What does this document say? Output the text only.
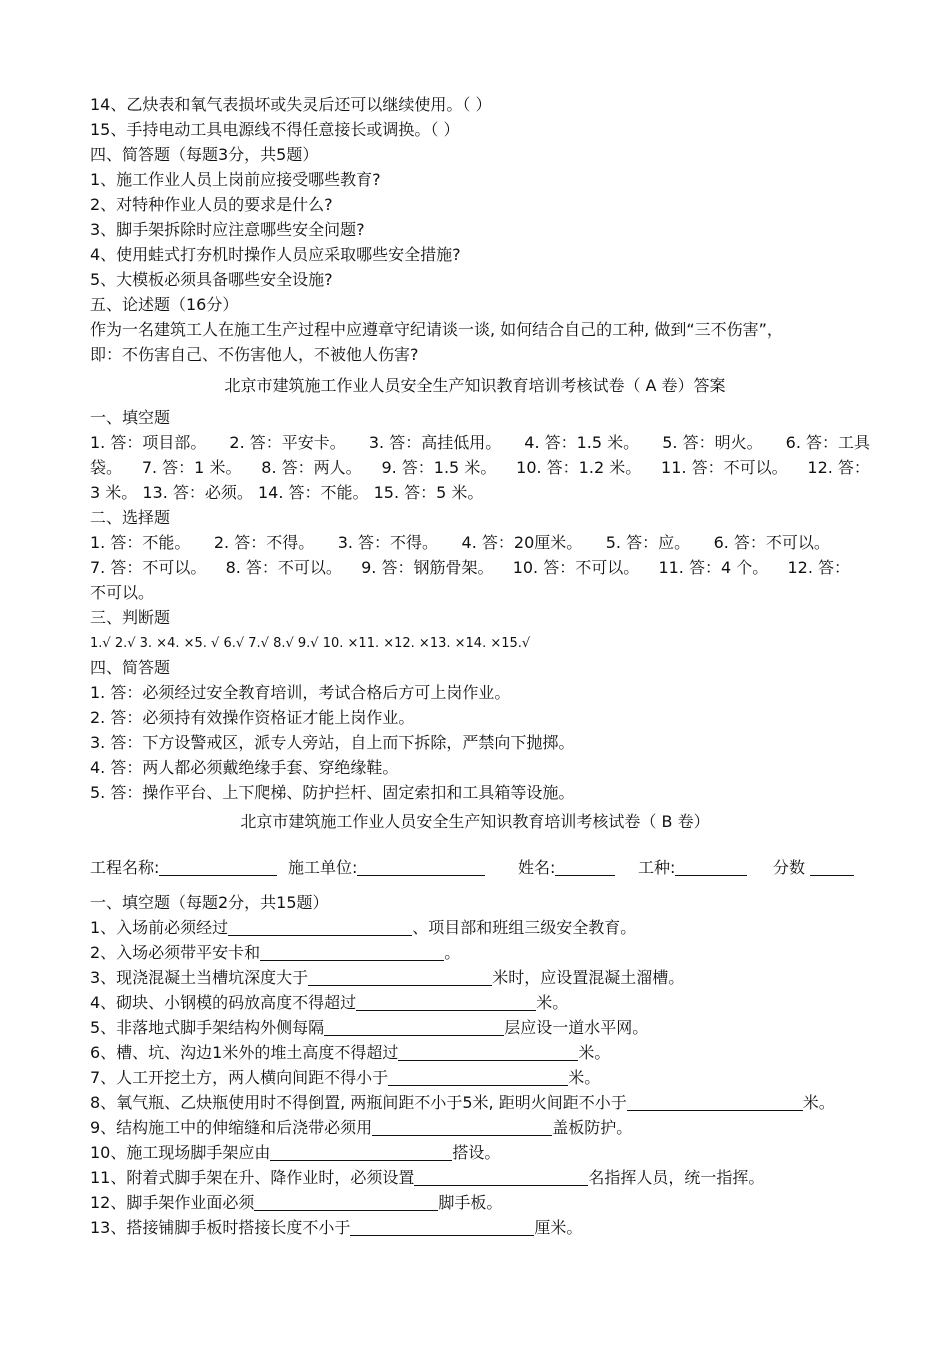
14、乙炔表和氧气表损坏或失灵后还可以继续使用。（ ）
15、手持电动工具电源线不得任意接长或调换。（ ）
四、简答题（每题3分，共5题）
1、施工作业人员上岗前应接受哪些教育?
2、对特种作业人员的要求是什么?
3、脚手架拆除时应注意哪些安全问题?
4、使用蛙式打夯机时操作人员应采取哪些安全措施?
5、大模板必须具备哪些安全设施?
五、论述题（16分）
作为一名建筑工人在施工生产过程中应遵章守纪请谈一谈, 如何结合自己的工种, 做到“三不伤害”，
即：不伤害自己、不伤害他人，不被他人伤害?
北京市建筑施工作业人员安全生产知识教育培训考核试卷（ A 卷）答案
一、填空题
1. 答：项目部。 2. 答：平安卡。 3. 答：高挂低用。 4. 答：1.5 米。 5. 答：明火。 6. 答：工具
袋。 7. 答：1 米。 8. 答：两人。 9. 答：1.5 米。 10. 答：1.2 米。 11. 答：不可以。 12. 答：
3 米。 13. 答：必须。 14. 答：不能。 15. 答：5 米。
二、选择题
1. 答：不能。 2. 答：不得。 3. 答：不得。 4. 答：20厘米。 5. 答：应。 6. 答：不可以。
7. 答：不可以。 8. 答：不可以。 9. 答：钢筋骨架。 10. 答：不可以。 11. 答：4 个。 12. 答：
不可以。
三、判断题
1.√ 2.√ 3. ×4. ×5. √ 6.√ 7.√ 8.√ 9.√ 10. ×11. ×12. ×13. ×14. ×15.√
四、简答题
1. 答：必须经过安全教育培训，考试合格后方可上岗作业。
2. 答：必须持有效操作资格证才能上岗作业。
3. 答：下方设警戒区，派专人旁站，自上而下拆除，严禁向下抛掷。
4. 答：两人都必须戴绝缘手套、穿绝缘鞋。
5. 答：操作平台、上下爬梯、防护拦杆、固定索扣和工具箱等设施。
北京市建筑施工作业人员安全生产知识教育培训考核试卷（ B 卷）
工程名称:	施工单位:	姓名:	工种:	分数
一、填空题（每题2分，共15题）
1、入场前必须经过	、项目部和班组三级安全教育。
2、入场必须带平安卡和	。
3、现浇混凝土当槽坑深度大于	米时，应设置混凝土溜槽。
4、砌块、小钢模的码放高度不得超过	米。
5、非落地式脚手架结构外侧每隔	层应设一道水平网。
6、槽、坑、沟边1米外的堆土高度不得超过	米。
7、人工开挖土方，两人横向间距不得小于	米。
8、氧气瓶、乙炔瓶使用时不得倒置, 两瓶间距不小于5米, 距明火间距不小于	米。
9、结构施工中的伸缩缝和后浇带必须用	盖板防护。
10、施工现场脚手架应由	搭设。
11、附着式脚手架在升、降作业时，必须设置	名指挥人员，统一指挥。
12、脚手架作业面必须	脚手板。
13、搭接铺脚手板时搭接长度不小于	厘米。
